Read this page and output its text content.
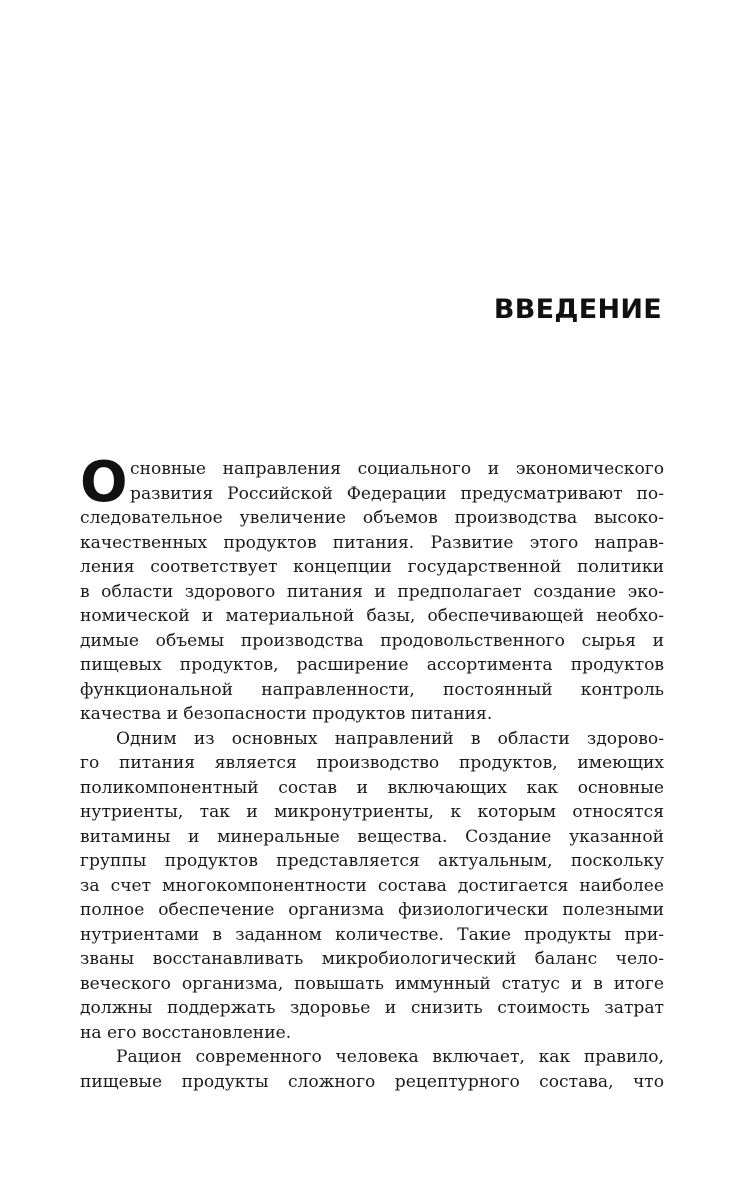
ВВЕДЕНИЕ
О сновные направления социального и экономического
развития Российской Федерации предусматривают по-
следовательное увеличение объемов производства высоко-
качественных продуктов питания. Развитие этого направ-
ления соответствует концепции государственной политики
в области здорового питания и предполагает создание эко-
номической и материальной базы, обеспечивающей необхо-
димые объемы производства продовольственного сырья и
пищевых продуктов, расширение ассортимента продуктов
функциональной направленности, постоянный контроль
качества и безопасности продуктов питания.
Одним из основных направлений в области здорово-
го питания является производство продуктов, имеющих
поликомпонентный состав и включающих как основные
нутриенты, так и микронутриенты, к которым относятся
витамины и минеральные вещества. Создание указанной
группы продуктов представляется актуальным, поскольку
за счет многокомпонентности состава достигается наиболее
полное обеспечение организма физиологически полезными
нутриентами в заданном количестве. Такие продукты при-
званы восстанавливать микробиологический баланс чело-
веческого организма, повышать иммунный статус и в итоге
должны поддержать здоровье и снизить стоимость затрат
на его восстановление.
Рацион современного человека включает, как правило,
пищевые продукты сложного рецептурного состава, что
